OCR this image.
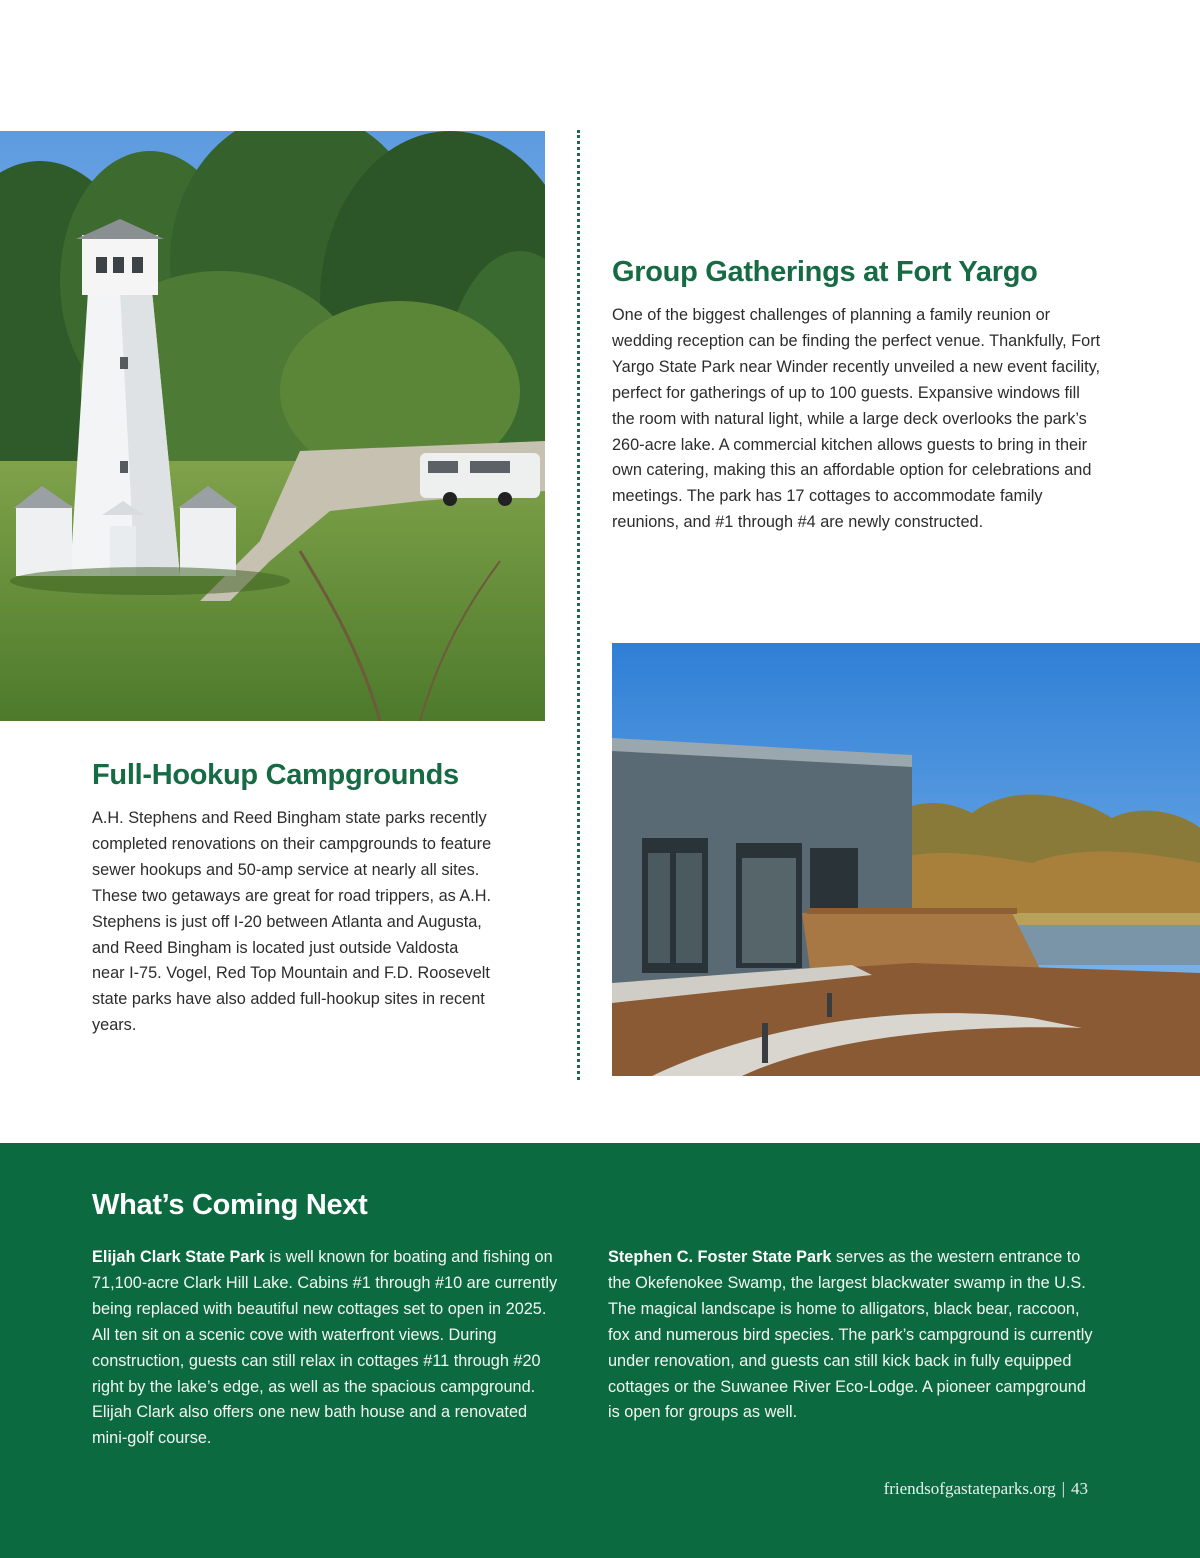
Group Gatherings at Fort Yargo

One of the biggest challenges of planning a family reunion or wedding reception can be finding the perfect venue. Thankfully, Fort Yargo State Park near Winder recently unveiled a new event facility, perfect for gatherings of up to 100 guests. Expansive windows fill the room with natural light, while a large deck overlooks the park’s 260-acre lake. A commercial kitchen allows guests to bring in their own catering, making this an affordable option for celebrations and meetings. The park has 17 cottages to accommodate family reunions, and #1 through #4 are newly constructed.

Full-Hookup Campgrounds

A.H. Stephens and Reed Bingham state parks recently completed renovations on their campgrounds to feature sewer hookups and 50-amp service at nearly all sites. These two getaways are great for road trippers, as A.H. Stephens is just off I-20 between Atlanta and Augusta, and Reed Bingham is located just outside Valdosta near I-75. Vogel, Red Top Mountain and F.D. Roosevelt state parks have also added full-hookup sites in recent years.

What’s Coming Next

Elijah Clark State Park is well known for boating and fishing on 71,100-acre Clark Hill Lake. Cabins #1 through #10 are currently being replaced with beautiful new cottages set to open in 2025. All ten sit on a scenic cove with waterfront views. During construction, guests can still relax in cottages #11 through #20 right by the lake’s edge, as well as the spacious campground. Elijah Clark also offers one new bath house and a renovated mini-golf course.

Stephen C. Foster State Park serves as the western entrance to the Okefenokee Swamp, the largest blackwater swamp in the U.S. The magical landscape is home to alligators, black bear, raccoon, fox and numerous bird species. The park’s campground is currently under renovation, and guests can still kick back in fully equipped cottages or the Suwanee River Eco-Lodge. A pioneer campground is open for groups as well.

friendsofgastateparks.org | 43
